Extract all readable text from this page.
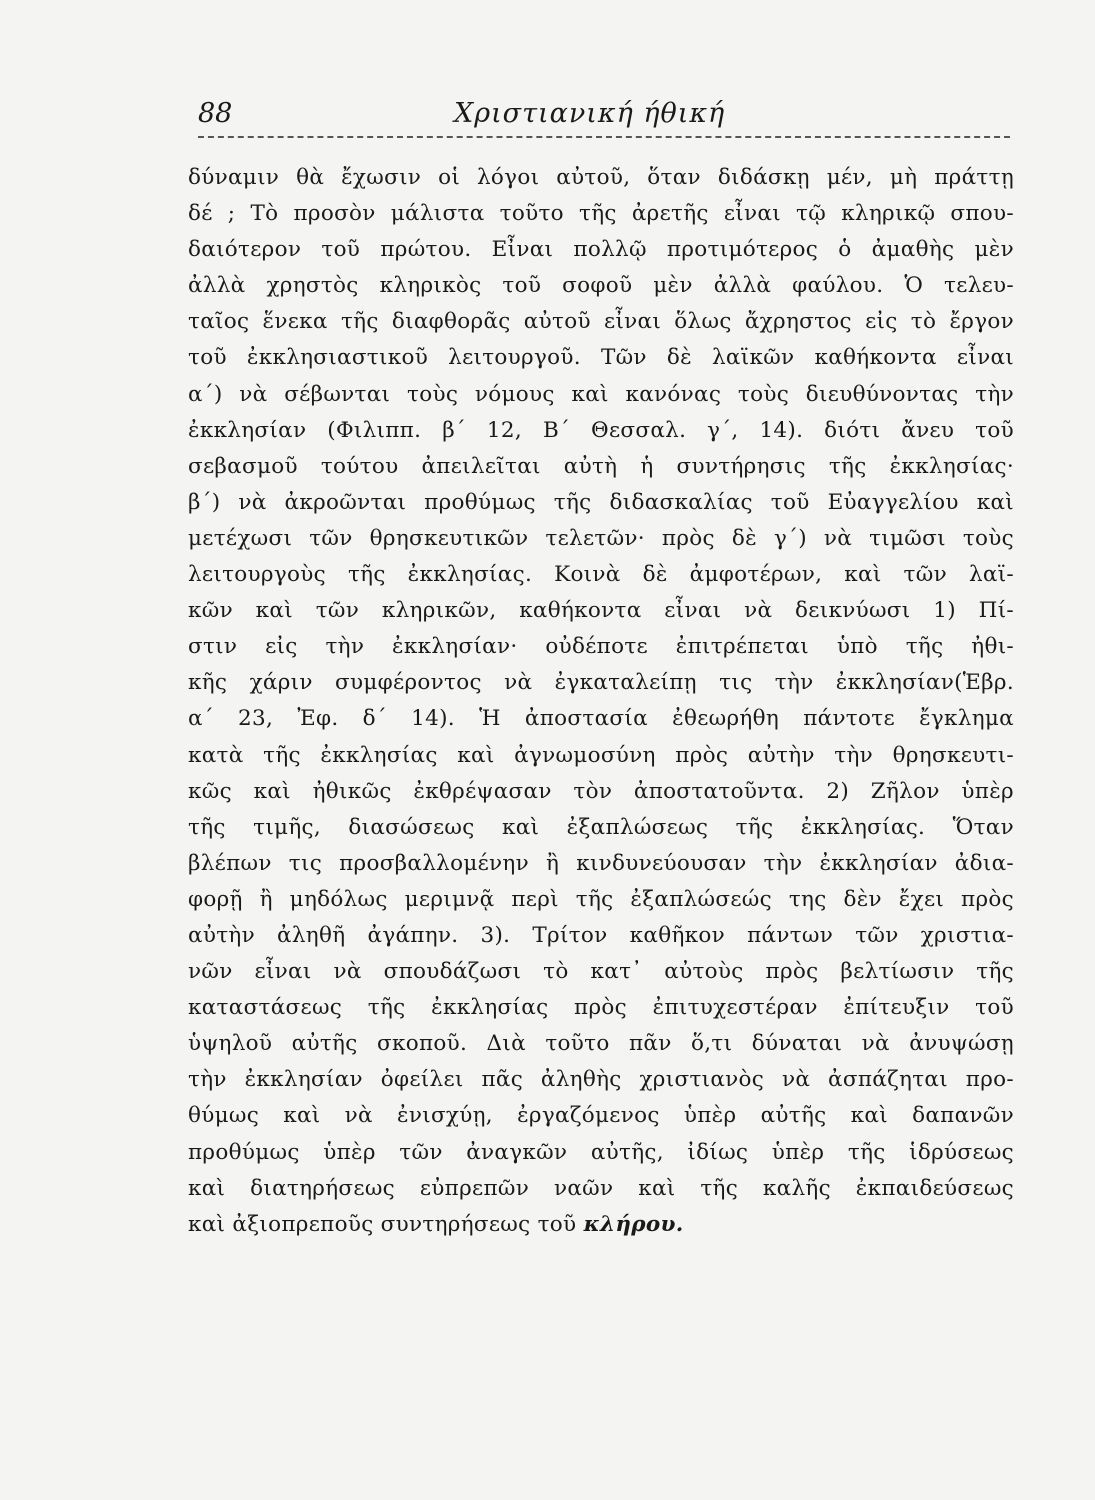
88	Χριστιανική ήθική
δύναμιν θὰ ἔχωσιν οἱ λόγοι αὐτοῦ, ὅταν διδάσκῃ μέν, μὴ πράττῃ
δέ ; Τὸ προσὸν μάλιστα τοῦτο τῆς ἀρετῆς εἶναι τῷ κληρικῷ σπου-
δαιότερον τοῦ πρώτου. Εἶναι πολλῷ προτιμότερος ὁ ἀμαθὴς μὲν
ἀλλὰ χρηστὸς κληρικὸς τοῦ σοφοῦ μὲν ἀλλὰ φαύλου. Ὁ τελευ-
ταῖος ἕνεκα τῆς διαφθορᾶς αὐτοῦ εἶναι ὅλως ἄχρηστος εἰς τὸ ἔργον
τοῦ ἐκκλησιαστικοῦ λειτουργοῦ. Τῶν δὲ λαϊκῶν καθήκοντα εἶναι
α΄) νὰ σέβωνται τοὺς νόμους καὶ κανόνας τοὺς διευθύνοντας τὴν
ἐκκλησίαν (Φιλιππ. β΄ 12, Β΄ Θεσσαλ. γ΄, 14). διότι ἄνευ τοῦ
σεβασμοῦ τούτου ἀπειλεῖται αὐτὴ ἡ συντήρησις τῆς ἐκκλησίας·
β΄) νὰ ἀκροῶνται προθύμως τῆς διδασκαλίας τοῦ Εὐαγγελίου καὶ
μετέχωσι τῶν θρησκευτικῶν τελετῶν· πρὸς δὲ γ΄) νὰ τιμῶσι τοὺς
λειτουργοὺς τῆς ἐκκλησίας. Κοινὰ δὲ ἀμφοτέρων, καὶ τῶν λαϊ-
κῶν καὶ τῶν κληρικῶν, καθήκοντα εἶναι νὰ δεικνύωσι 1) Πί-
στιν εἰς τὴν ἐκκλησίαν· οὐδέποτε ἐπιτρέπεται ὑπὸ τῆς ἠθι-
κῆς χάριν συμφέροντος νὰ ἐγκαταλείπῃ τις τὴν ἐκκλησίαν(Ἑβρ.
α΄ 23, Ἐφ. δ΄ 14). Ἡ ἀποστασία ἐθεωρήθη πάντοτε ἔγκλημα
κατὰ τῆς ἐκκλησίας καὶ ἀγνωμοσύνη πρὸς αὐτὴν τὴν θρησκευτι-
κῶς καὶ ἠθικῶς ἐκθρέψασαν τὸν ἀποστατοῦντα. 2) Ζῆλον ὑπὲρ
τῆς τιμῆς, διασώσεως καὶ ἐξαπλώσεως τῆς ἐκκλησίας. Ὅταν
βλέπων τις προσβαλλομένην ἢ κινδυνεύουσαν τὴν ἐκκλησίαν ἀδια-
φορῇ ἢ μηδόλως μεριμνᾷ περὶ τῆς ἐξαπλώσεώς της δὲν ἔχει πρὸς
αὐτὴν ἀληθῆ ἀγάπην. 3). Τρίτον καθῆκον πάντων τῶν χριστια-
νῶν εἶναι νὰ σπουδάζωσι τὸ κατ᾽ αὐτοὺς πρὸς βελτίωσιν τῆς
καταστάσεως τῆς ἐκκλησίας πρὸς ἐπιτυχεστέραν ἐπίτευξιν τοῦ
ὑψηλοῦ αὐτῆς σκοποῦ. Διὰ τοῦτο πᾶν ὅ,τι δύναται νὰ ἀνυψώσῃ
τὴν ἐκκλησίαν ὀφείλει πᾶς ἀληθὴς χριστιανὸς νὰ ἀσπάζηται προ-
θύμως καὶ νὰ ἐνισχύῃ, ἐργαζόμενος ὑπὲρ αὐτῆς καὶ δαπανῶν
προθύμως ὑπὲρ τῶν ἀναγκῶν αὐτῆς, ἰδίως ὑπὲρ τῆς ἱδρύσεως
καὶ διατηρήσεως εὐπρεπῶν ναῶν καὶ τῆς καλῆς ἐκπαιδεύσεως
καὶ ἀξιοπρεποῦς συντηρήσεως τοῦ κλήρου.
